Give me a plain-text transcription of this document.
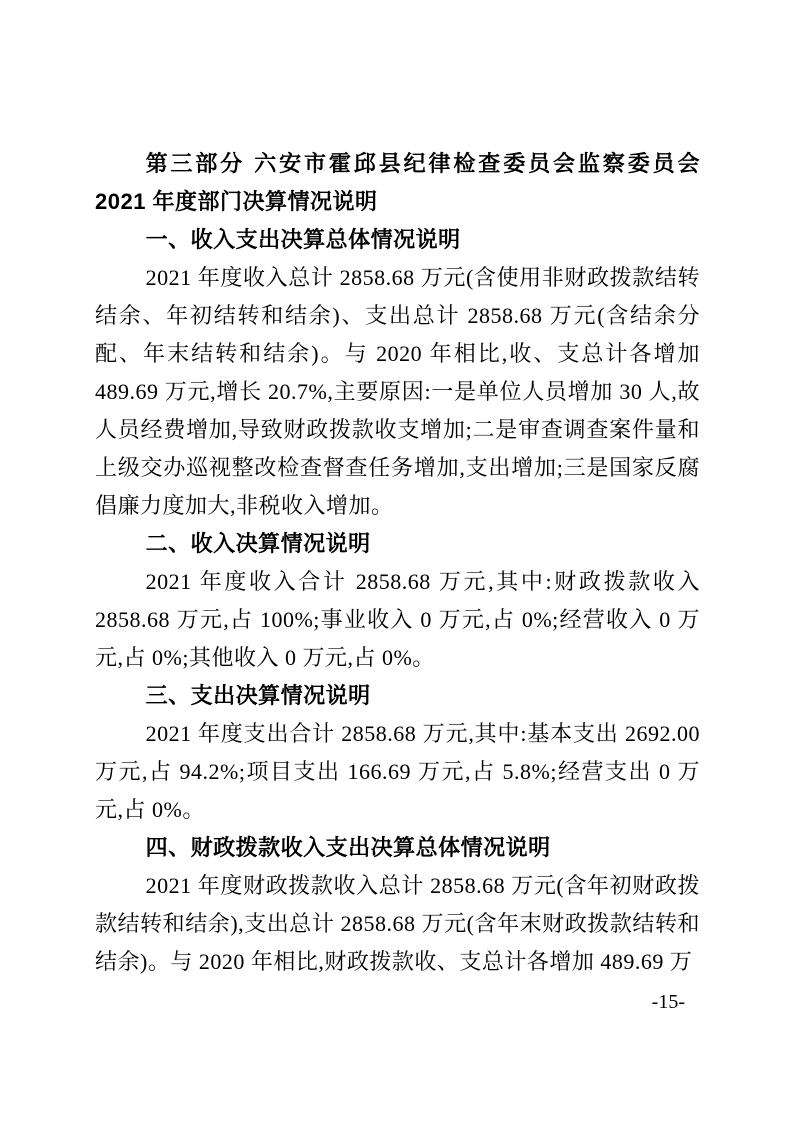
第三部分 六安市霍邱县纪律检查委员会监察委员会 2021 年度部门决算情况说明
一、收入支出决算总体情况说明

2021 年度收入总计 2858.68 万元(含使用非财政拨款结转结余、年初结转和结余)、支出总计 2858.68 万元(含结余分配、年末结转和结余)。与 2020 年相比,收、支总计各增加 489.69 万元,增长 20.7%,主要原因:一是单位人员增加 30 人,故人员经费增加,导致财政拨款收支增加;二是审查调查案件量和上级交办巡视整改检查督查任务增加,支出增加;三是国家反腐倡廉力度加大,非税收入增加。

二、收入决算情况说明

2021 年度收入合计 2858.68 万元,其中:财政拨款收入 2858.68 万元,占 100%;事业收入 0 万元,占 0%;经营收入 0 万元,占 0%;其他收入 0 万元,占 0%。

三、支出决算情况说明

2021 年度支出合计 2858.68 万元,其中:基本支出 2692.00 万元,占 94.2%;项目支出 166.69 万元,占 5.8%;经营支出 0 万元,占 0%。

四、财政拨款收入支出决算总体情况说明

2021 年度财政拨款收入总计 2858.68 万元(含年初财政拨款结转和结余),支出总计 2858.68 万元(含年末财政拨款结转和结余)。与 2020 年相比,财政拨款收、支总计各增加 489.69 万

-15-
